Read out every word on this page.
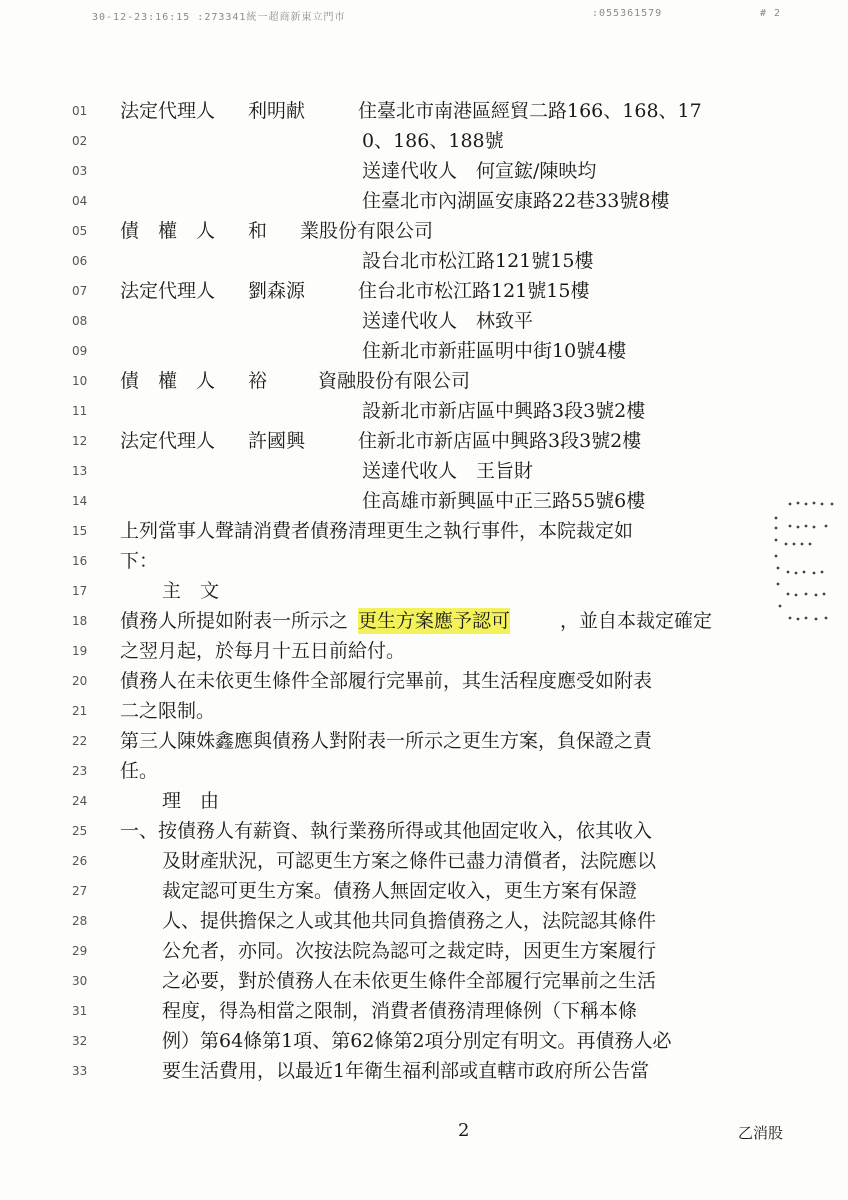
30-12-23:16:15 :273341統一超商新東立門市	:055361579	# 2
01	法定代理人 利明献	住臺北市南港區經貿二路166、168、17
02	0、186、188號
03	送達代收人　何宣鋐/陳映均
04	住臺北市內湖區安康路22巷33號8樓
05	債　權　人 和 業股份有限公司
06	設台北市松江路121號15樓
07	法定代理人 劉森源	住台北市松江路121號15樓
08	送達代收人　林致平
09	住新北市新莊區明中街10號4樓
10	債　權　人 裕	資融股份有限公司
11	設新北市新店區中興路3段3號2樓
12	法定代理人 許國興	住新北市新店區中興路3段3號2樓
13	送達代收人　王旨財
14	住高雄市新興區中正三路55號6樓
15	上列當事人聲請消費者債務清理更生之執行事件，本院裁定如
16	下：
17	主　文
18	債務人所提如附表一所示之 更生方案應予認可	，並自本裁定確定
19	之翌月起，於每月十五日前給付。
20	債務人在未依更生條件全部履行完畢前，其生活程度應受如附表
21	二之限制。
22	第三人陳姝鑫應與債務人對附表一所示之更生方案，負保證之責
23	任。
24	理　由
25	一、按債務人有薪資、執行業務所得或其他固定收入，依其收入
26	及財產狀況，可認更生方案之條件已盡力清償者，法院應以
27	裁定認可更生方案。債務人無固定收入，更生方案有保證
28	人、提供擔保之人或其他共同負擔債務之人，法院認其條件
29	公允者，亦同。次按法院為認可之裁定時，因更生方案履行
30	之必要，對於債務人在未依更生條件全部履行完畢前之生活
31	程度，得為相當之限制，消費者債務清理條例（下稱本條
32	例）第64條第1項、第62條第2項分別定有明文。再債務人必
33	要生活費用，以最近1年衛生福利部或直轄市政府所公告當
2	乙消股
